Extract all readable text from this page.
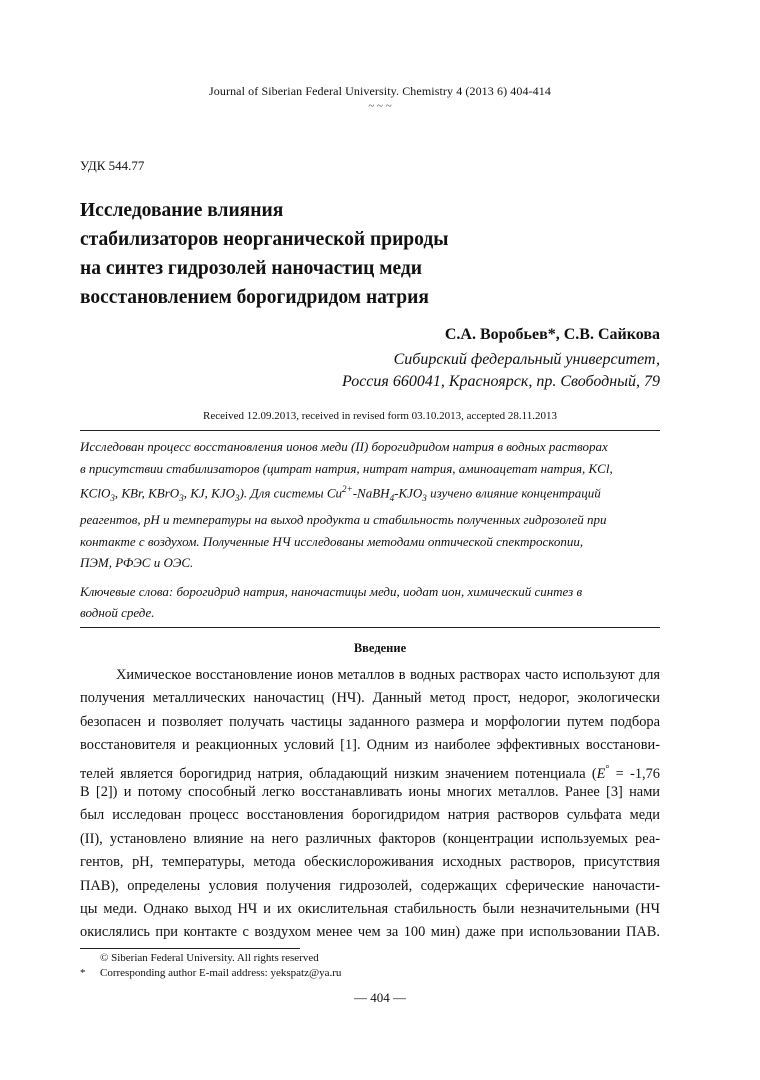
Journal of Siberian Federal University. Chemistry 4 (2013 6) 404-414
~ ~ ~
УДК 544.77
Исследование влияния
стабилизаторов неорганической природы
на синтез гидрозолей наночастиц меди
восстановлением борогидридом натрия
С.А. Воробьев*, С.В. Сайкова
Сибирский федеральный университет,
Россия 660041, Красноярск, пр. Свободный, 79
Received 12.09.2013, received in revised form 03.10.2013, accepted 28.11.2013
Исследован процесс восстановления ионов меди (II) борогидридом натрия в водных растворах
в присутствии стабилизаторов (цитрат натрия, нитрат натрия, аминоацетат натрия, KCl,
KClO$_3$, KBr, KBrO$_3$, KJ, $KJO_3$). Для системы $Cu^{2+}-NaBH_4-KJO_3$ изучено влияние концентраций
реагентов, pH и температуры на выход продукта и стабильность полученных гидрозолей при
контакте с воздухом. Полученные НЧ исследованы методами оптической спектроскопии,
ПЭМ, РФЭС и ОЭС.
Ключевые слова: борогидрид натрия, наночастицы меди, иодат ион, химический синтез в
водной среде.
Введение
Химическое восстановление ионов металлов в водных растворах часто используют для
получения металлических наночастиц (НЧ). Данный метод прост, недорог, экологически
безопасен и позволяет получать частицы заданного размера и морфологии путем подбора
восстановителя и реакционных условий [1]. Одним из наиболее эффективных восстанови-
телей является борогидрид натрия, обладающий низким значением потенциала (E° = -1,76
В [2]) и потому способный легко восстанавливать ионы многих металлов. Ранее [3] нами
был исследован процесс восстановления борогидридом натрия растворов сульфата меди
(II), установлено влияние на него различных факторов (концентрации используемых реа-
гентов, pH, температуры, метода обескислороживания исходных растворов, присутствия
ПАВ), определены условия получения гидрозолей, содержащих сферические наночасти-
цы меди. Однако выход НЧ и их окислительная стабильность были незначительными (НЧ
окислялись при контакте с воздухом менее чем за 100 мин) даже при использовании ПАВ.
© Siberian Federal University. All rights reserved
* Corresponding author E-mail address: yekspatz@ya.ru
— 404 —
